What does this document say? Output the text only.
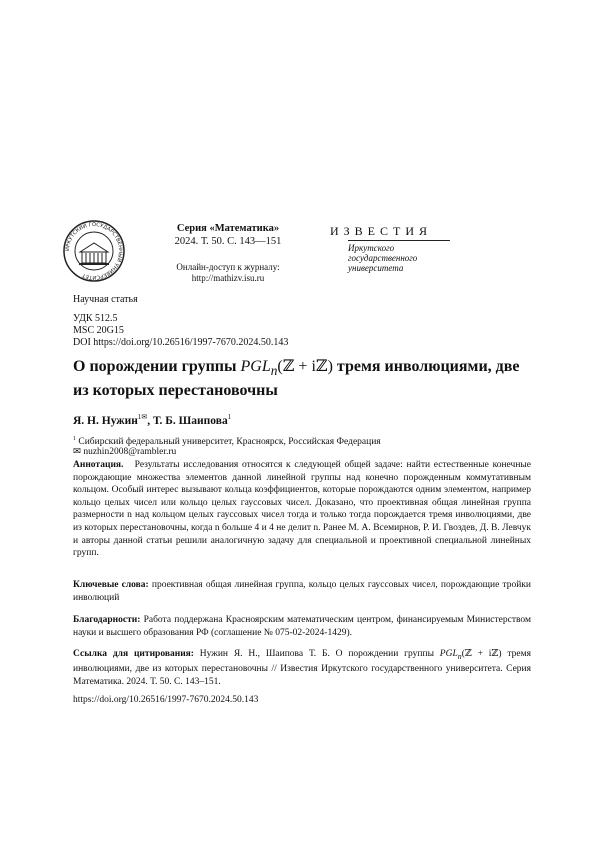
ИРКУТСКИЙ ГОСУДАРСТВЕННЫЙ УНИВЕРСИТЕТ
Серия «Математика»
2024. Т. 50. С. 143—151
Онлайн-доступ к журналу:
http://mathizv.isu.ru
ИЗВЕСТИЯ
Иркутского
государственного
университета
Научная статья
УДК 512.5
MSC 20G15
DOI https://doi.org/10.26516/1997-7670.2024.50.143
О порождении группы $PGL_n(ℤ$ + iℤ) тремя инволюциями, две из которых перестановочны
Я. Н. Нужин$^{1✉}$, Т. Б. Шаипова$^1$
$^1$ Сибирский федеральный университет, Красноярск, Российская Федерация
✉ nuzhin2008@rambler.ru
Аннотация. Результаты исследования относятся к следующей общей задаче: найти естественные конечные порождающие множества элементов данной линейной группы над конечно порожденным коммутативным кольцом. Особый интерес вызывают кольца коэффициентов, которые порождаются одним элементом, например кольцо целых чисел или кольцо целых гауссовых чисел. Доказано, что проективная общая линейная группа размерности n над кольцом целых гауссовых чисел тогда и только тогда порождается тремя инволюциями, две из которых перестановочны, когда n больше 4 и 4 не делит n. Ранее М. А. Всемирнов, Р. И. Гвоздев, Д. В. Левчук и авторы данной статьи решили аналогичную задачу для специальной и проективной специальной линейных групп.
Ключевые слова: проективная общая линейная группа, кольцо целых гауссовых чисел, порождающие тройки инволюций
Благодарности: Работа поддержана Красноярским математическим центром, финансируемым Министерством науки и высшего образования РФ (соглашение № 075-02-2024-1429).
Ссылка для цитирования: Нужин Я. Н., Шаипова Т. Б. О порождении группы $PGL_n(ℤ$ + iℤ) тремя инволюциями, две из которых перестановочны // Известия Иркутского государственного университета. Серия Математика. 2024. Т. 50. С. 143–151.
https://doi.org/10.26516/1997-7670.2024.50.143
